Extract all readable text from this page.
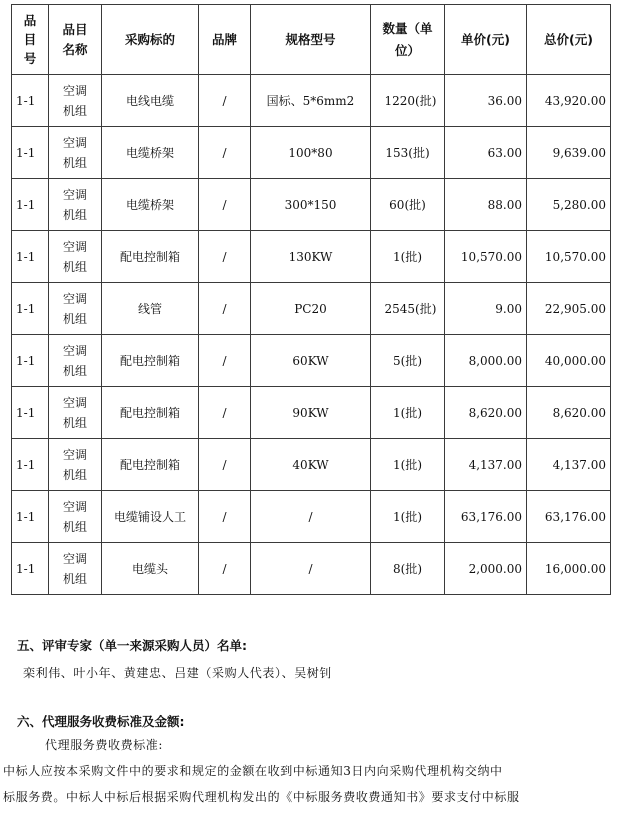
品目号	品目名称	采购标的	品牌	规格型号	数量（单位）	单价(元)	总价(元)
1-1	空调机组	电线电缆	/	国标、5*6mm2	1220(批)	36.00	43,920.00
1-1	空调机组	电缆桥架	/	100*80	153(批)	63.00	9,639.00
1-1	空调机组	电缆桥架	/	300*150	60(批)	88.00	5,280.00
1-1	空调机组	配电控制箱	/	130KW	1(批)	10,570.00	10,570.00
1-1	空调机组	线管	/	PC20	2545(批)	9.00	22,905.00
1-1	空调机组	配电控制箱	/	60KW	5(批)	8,000.00	40,000.00
1-1	空调机组	配电控制箱	/	90KW	1(批)	8,620.00	8,620.00
1-1	空调机组	配电控制箱	/	40KW	1(批)	4,137.00	4,137.00
1-1	空调机组	电缆铺设人工	/	/	1(批)	63,176.00	63,176.00
1-1	空调机组	电缆头	/	/	8(批)	2,000.00	16,000.00
五、评审专家（单一来源采购人员）名单:
栾利伟、叶小年、黄建忠、吕建（采购人代表）、吴树钊
六、代理服务收费标准及金额:
代理服务费收费标准:
中标人应按本采购文件中的要求和规定的金额在收到中标通知3日内向采购代理机构交纳中
标服务费。中标人中标后根据采购代理机构发出的《中标服务费收费通知书》要求支付中标服
